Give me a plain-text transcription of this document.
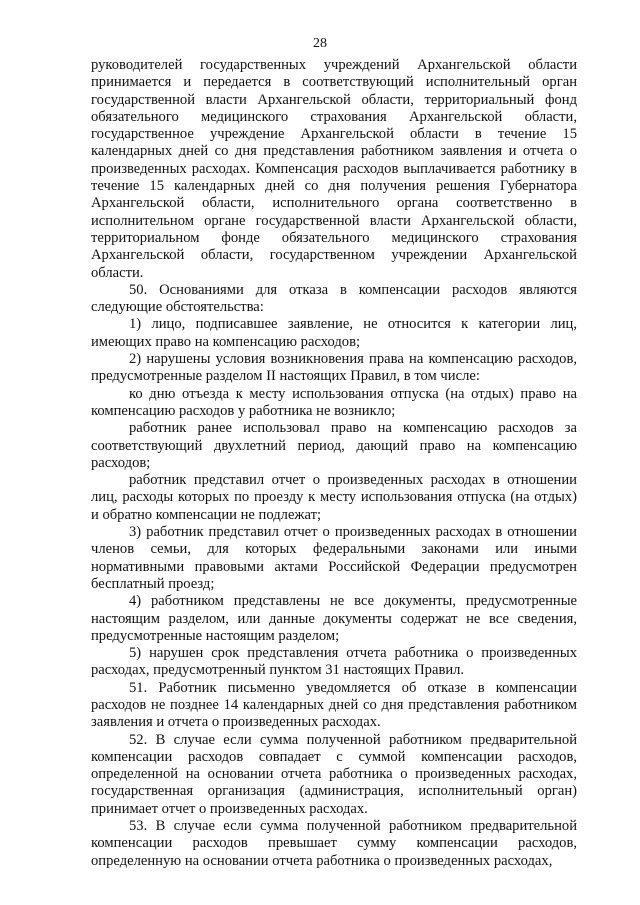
28

руководителей государственных учреждений Архангельской области принимается и передается в соответствующий исполнительный орган государственной власти Архангельской области, территориальный фонд обязательного медицинского страхования Архангельской области, государственное учреждение Архангельской области в течение 15 календарных дней со дня представления работником заявления и отчета о произведенных расходах. Компенсация расходов выплачивается работнику в течение 15 календарных дней со дня получения решения Губернатора Архангельской области, исполнительного органа соответственно в исполнительном органе государственной власти Архангельской области, территориальном фонде обязательного медицинского страхования Архангельской области, государственном учреждении Архангельской области.

50. Основаниями для отказа в компенсации расходов являются следующие обстоятельства:

1) лицо, подписавшее заявление, не относится к категории лиц, имеющих право на компенсацию расходов;

2) нарушены условия возникновения права на компенсацию расходов, предусмотренные разделом II настоящих Правил, в том числе:

ко дню отъезда к месту использования отпуска (на отдых) право на компенсацию расходов у работника не возникло;

работник ранее использовал право на компенсацию расходов за соответствующий двухлетний период, дающий право на компенсацию расходов;

работник представил отчет о произведенных расходах в отношении лиц, расходы которых по проезду к месту использования отпуска (на отдых) и обратно компенсации не подлежат;

3) работник представил отчет о произведенных расходах в отношении членов семьи, для которых федеральными законами или иными нормативными правовыми актами Российской Федерации предусмотрен бесплатный проезд;

4) работником представлены не все документы, предусмотренные настоящим разделом, или данные документы содержат не все сведения, предусмотренные настоящим разделом;

5) нарушен срок представления отчета работника о произведенных расходах, предусмотренный пунктом 31 настоящих Правил.

51. Работник письменно уведомляется об отказе в компенсации расходов не позднее 14 календарных дней со дня представления работником заявления и отчета о произведенных расходах.

52. В случае если сумма полученной работником предварительной компенсации расходов совпадает с суммой компенсации расходов, определенной на основании отчета работника о произведенных расходах, государственная организация (администрация, исполнительный орган) принимает отчет о произведенных расходах.

53. В случае если сумма полученной работником предварительной компенсации расходов превышает сумму компенсации расходов, определенную на основании отчета работника о произведенных расходах,
